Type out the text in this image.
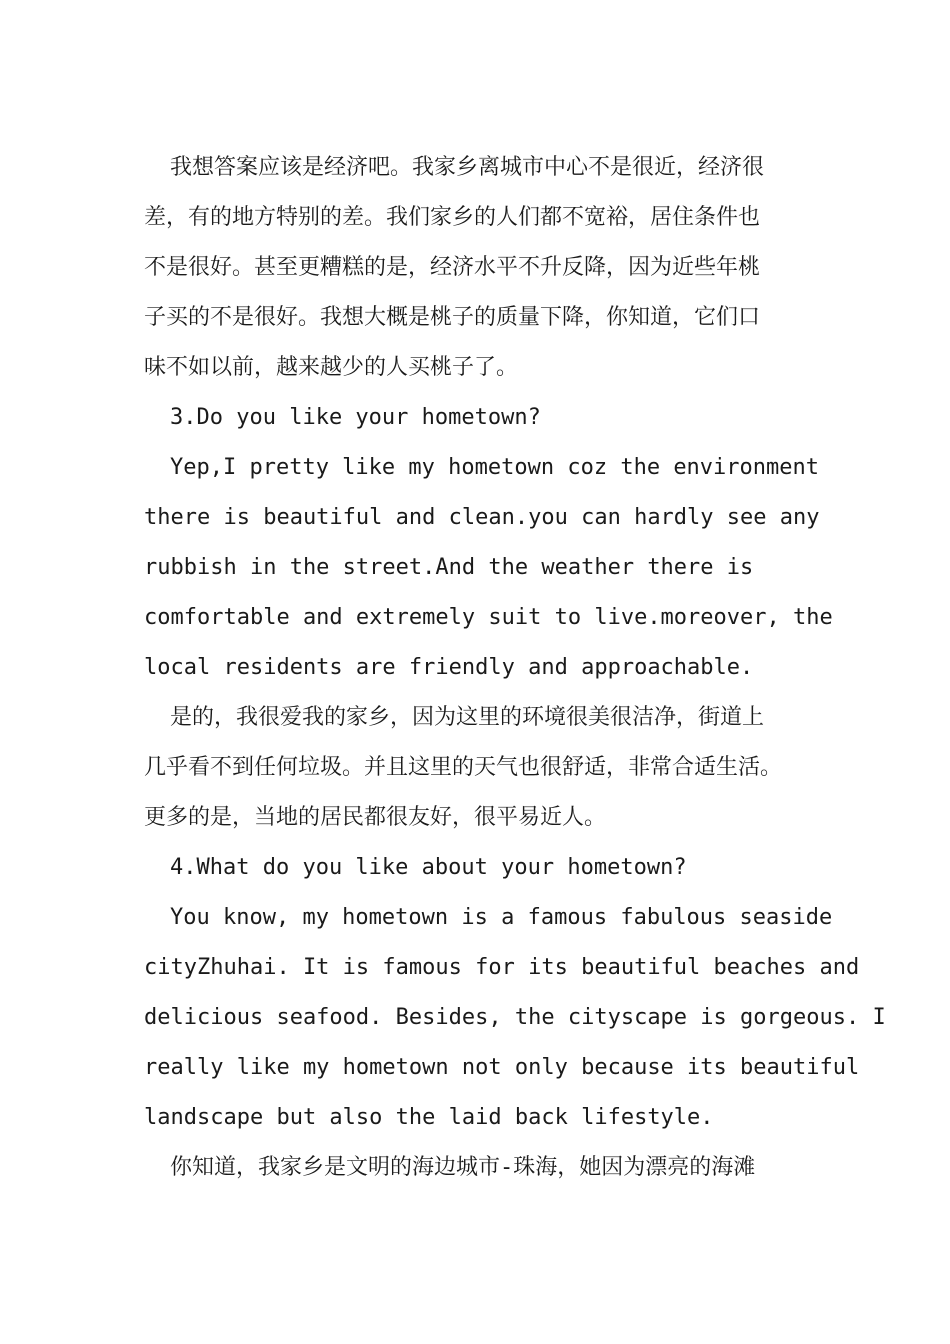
我想答案应该是经济吧。我家乡离城市中心不是很近，经济很
差，有的地方特别的差。我们家乡的人们都不宽裕，居住条件也
不是很好。甚至更糟糕的是，经济水平不升反降，因为近些年桃
子买的不是很好。我想大概是桃子的质量下降，你知道，它们口
味不如以前，越来越少的人买桃子了。
3.Do you like your hometown?
Yep,I pretty like my hometown coz the environment
there is beautiful and clean.you can hardly see any
rubbish in the street.And the weather there is
comfortable and extremely suit to live.moreover, the
local residents are friendly and approachable.
是的，我很爱我的家乡，因为这里的环境很美很洁净，街道上
几乎看不到任何垃圾。并且这里的天气也很舒适，非常合适生活。
更多的是，当地的居民都很友好，很平易近人。
4.What do you like about your hometown?
You know, my hometown is a famous fabulous seaside
cityZhuhai. It is famous for its beautiful beaches and
delicious seafood. Besides, the cityscape is gorgeous. I
really like my hometown not only because its beautiful
landscape but also the laid back lifestyle.
你知道，我家乡是文明的海边城市-珠海，她因为漂亮的海滩
